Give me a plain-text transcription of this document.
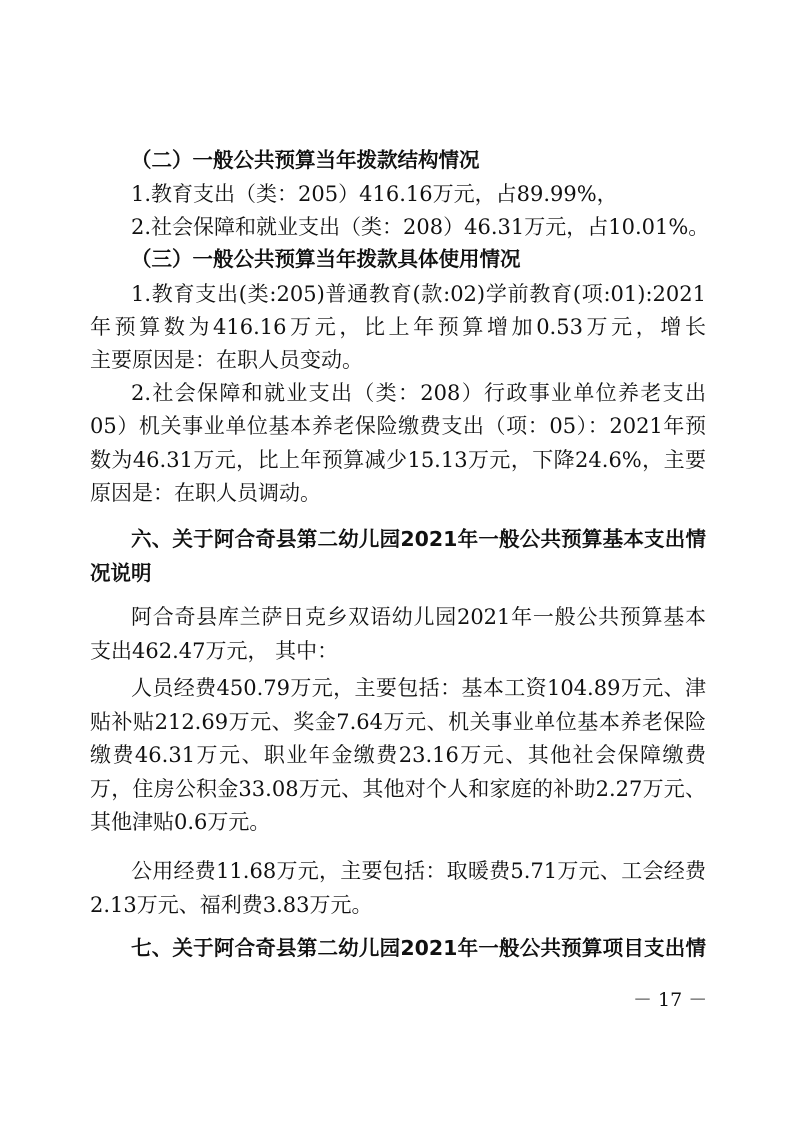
（二）一般公共预算当年拨款结构情况
1.教育支出（类：205）416.16万元，占89.99%，
2.社会保障和就业支出（类：208）46.31万元，占10.01%。
（三）一般公共预算当年拨款具体使用情况
1.教育支出(类:205)普通教育(款:02)学前教育(项:01):2021
年预算数为416.16万元，比上年预算增加0.53万元，增长
主要原因是：在职人员变动。
2.社会保障和就业支出（类：208）行政事业单位养老支出
05）机关事业单位基本养老保险缴费支出（项：05）：2021年预
数为46.31万元，比上年预算减少15.13万元，下降24.6%，主要
原因是：在职人员调动。
六、关于阿合奇县第二幼儿园2021年一般公共预算基本支出情
况说明
阿合奇县库兰萨日克乡双语幼儿园2021年一般公共预算基本
支出462.47万元， 其中：
人员经费450.79万元，主要包括：基本工资104.89万元、津
贴补贴212.69万元、奖金7.64万元、机关事业单位基本养老保险
缴费46.31万元、职业年金缴费23.16万元、其他社会保障缴费
万，住房公积金33.08万元、其他对个人和家庭的补助2.27万元、
其他津贴0.6万元。
公用经费11.68万元，主要包括：取暖费5.71万元、工会经费
2.13万元、福利费3.83万元。
七、关于阿合奇县第二幼儿园2021年一般公共预算项目支出情
－ 17 －
